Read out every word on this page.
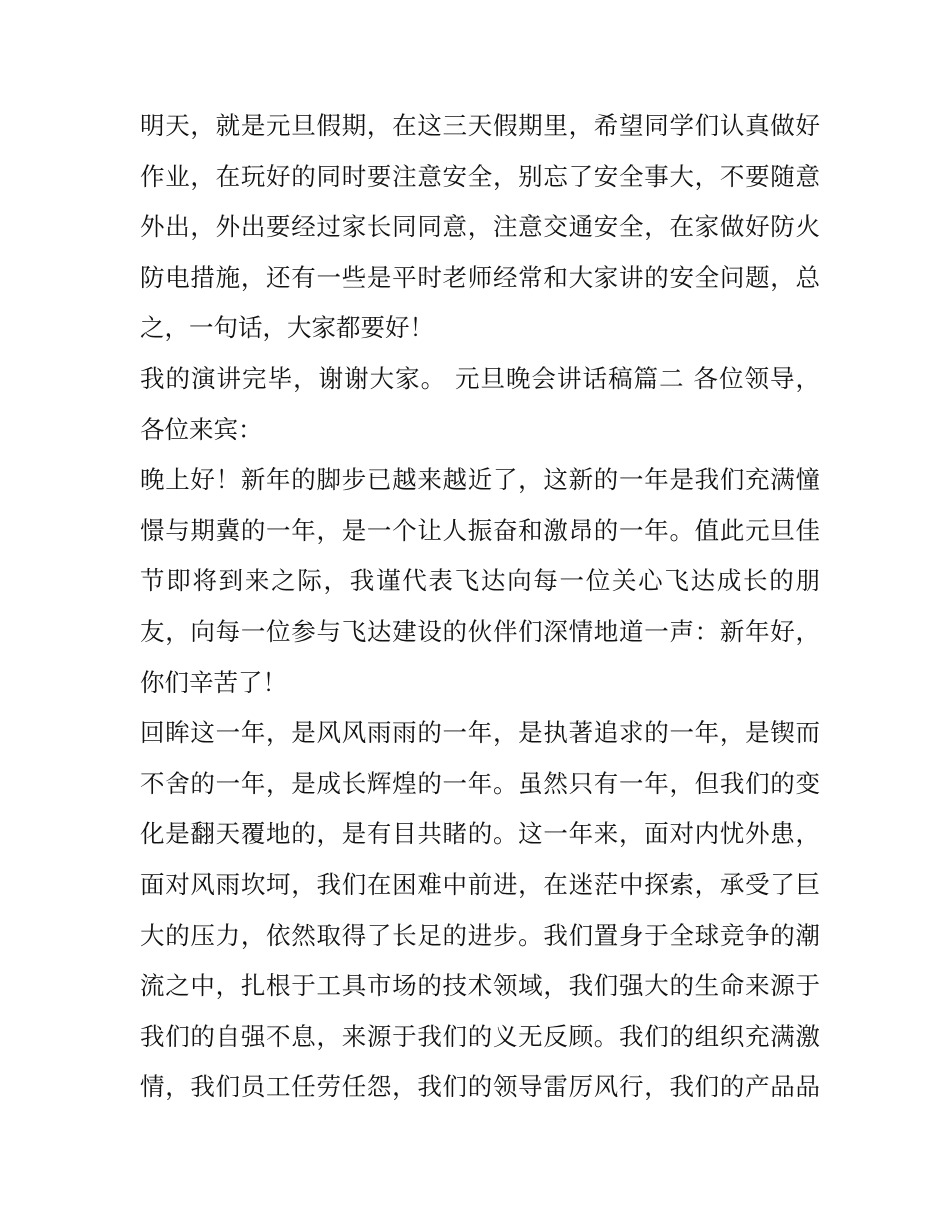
明天，就是元旦假期，在这三天假期里，希望同学们认真做好
作业，在玩好的同时要注意安全，别忘了安全事大，不要随意
外出，外出要经过家长同同意，注意交通安全，在家做好防火
防电措施，还有一些是平时老师经常和大家讲的安全问题，总
之，一句话，大家都要好！
我的演讲完毕，谢谢大家。 元旦晚会讲话稿篇二 各位领导，
各位来宾：
晚上好！新年的脚步已越来越近了，这新的一年是我们充满憧
憬与期冀的一年，是一个让人振奋和激昂的一年。值此元旦佳
节即将到来之际，我谨代表飞达向每一位关心飞达成长的朋
友，向每一位参与飞达建设的伙伴们深情地道一声：新年好，
你们辛苦了！
回眸这一年，是风风雨雨的一年，是执著追求的一年，是锲而
不舍的一年，是成长辉煌的一年。虽然只有一年，但我们的变
化是翻天覆地的，是有目共睹的。这一年来，面对内忧外患，
面对风雨坎坷，我们在困难中前进，在迷茫中探索，承受了巨
大的压力，依然取得了长足的进步。我们置身于全球竞争的潮
流之中，扎根于工具市场的技术领域，我们强大的生命来源于
我们的自强不息，来源于我们的义无反顾。我们的组织充满激
情，我们员工任劳任怨，我们的领导雷厉风行，我们的产品品
